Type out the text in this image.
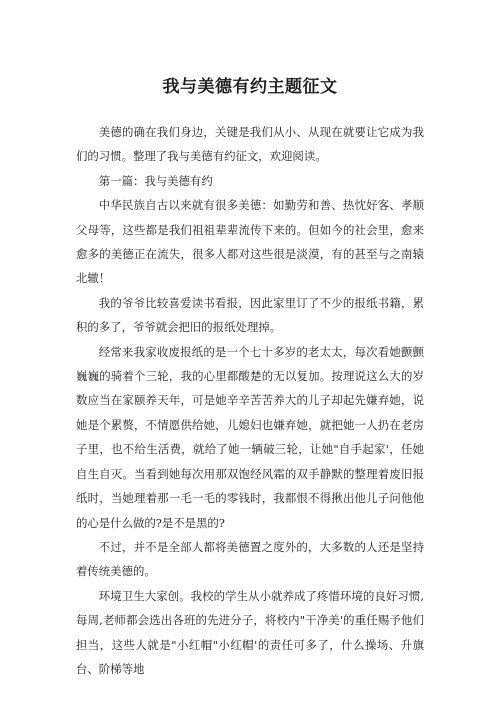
我与美德有约主题征文

美德的确在我们身边，关键是我们从小、从现在就要让它成为我们的习惯。整理了我与美德有约征文，欢迎阅读。

第一篇：我与美德有约

中华民族自古以来就有很多美德：如勤劳和善、热忱好客、孝顺父母等，这些都是我们祖祖辈辈流传下来的。但如今的社会里，愈来愈多的美德正在流失，很多人都对这些很是淡漠，有的甚至与之南辕北辙！

我的爷爷比较喜爱读书看报，因此家里订了不少的报纸书籍，累积的多了，爷爷就会把旧的报纸处理掉。

经常来我家收废报纸的是一个七十多岁的老太太，每次看她颤颤巍巍的骑着个三轮，我的心里都酸楚的无以复加。按理说这么大的岁数应当在家颐养天年，可是她辛辛苦苦养大的儿子却起先嫌弃她，说她是个累赘，不情愿供给她，儿媳妇也嫌弃她，就把她一人扔在老房子里，也不给生活费，就给了她一辆破三轮，让她"自手起家'，任她自生自灭。当看到她每次用那双饱经风霜的双手静默的整理着废旧报纸时，当她理着那一毛一毛的零钱时，我都恨不得揪出他儿子问他他的心是什么做的?是不是黑的?

不过，并不是全部人都将美德置之度外的，大多数的人还是坚持着传统美德的。

环境卫生大家创。我校的学生从小就养成了疼惜环境的良好习惯,每周,老师都会选出各班的先进分子，将校内"干净美'的重任赐予他们担当，这些人就是"小红帽"小红帽'的责任可多了，什么操场、升旗台、阶梯等地
